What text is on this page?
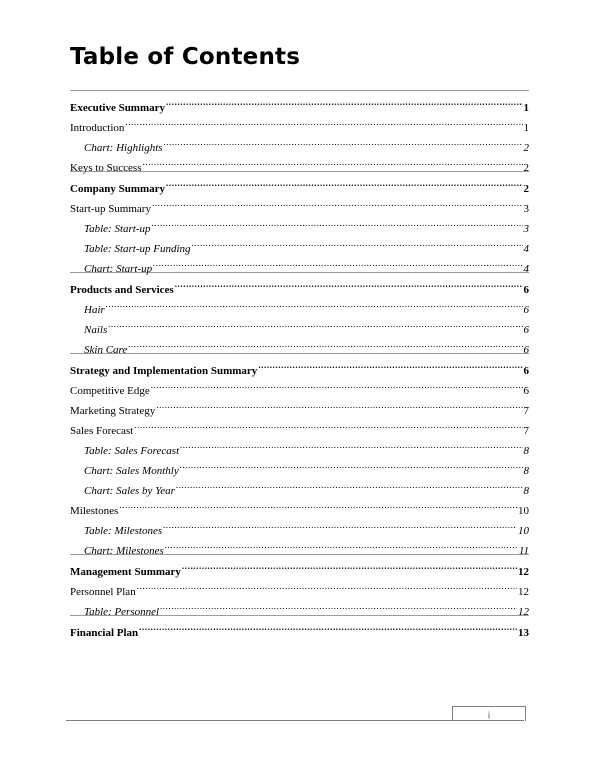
Table of Contents
Executive Summary .....	1
Introduction .....	1
Chart: Highlights .....	2
Keys to Success .....	2
Company Summary .....	2
Start-up Summary .....	3
Table: Start-up .....	3
Table: Start-up Funding .....	4
Chart: Start-up .....	4
Products and Services .....	6
Hair .....	6
Nails .....	6
Skin Care .....	6
Strategy and Implementation Summary .....	6
Competitive Edge .....	6
Marketing Strategy .....	7
Sales Forecast .....	7
Table: Sales Forecast .....	8
Chart: Sales Monthly .....	8
Chart: Sales by Year .....	8
Milestones .....	10
Table: Milestones .....	10
Chart: Milestones .....	11
Management Summary .....	12
Personnel Plan .....	12
Table: Personnel .....	12
Financial Plan .....	13
i
